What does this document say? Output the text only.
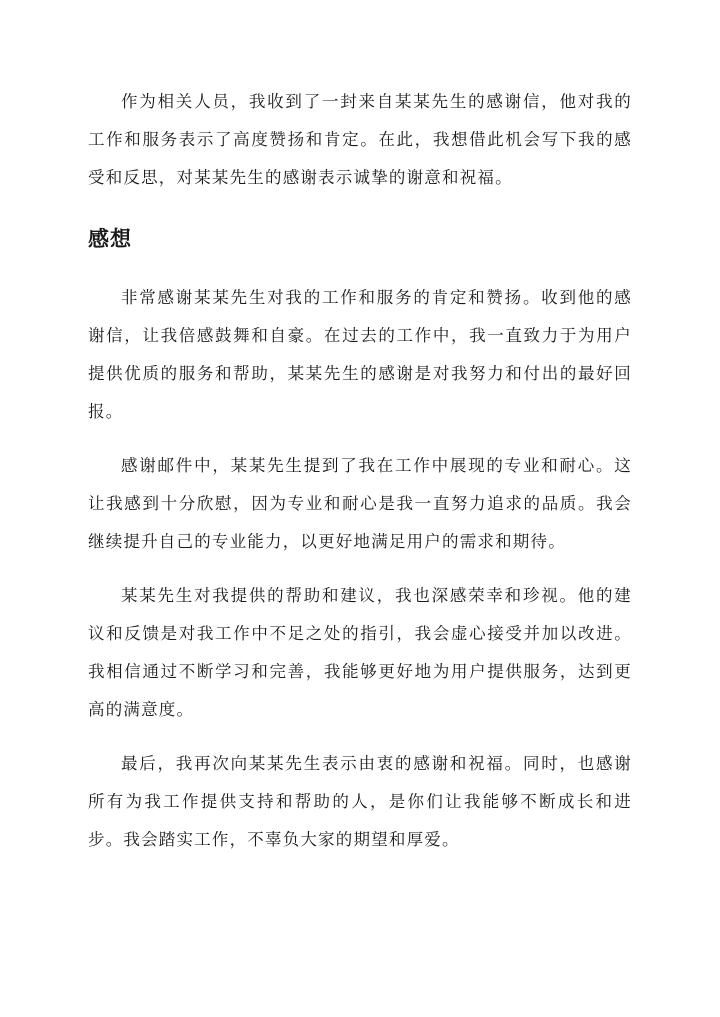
作为相关人员，我收到了一封来自某某先生的感谢信，他对我的工作和服务表示了高度赞扬和肯定。在此，我想借此机会写下我的感受和反思，对某某先生的感谢表示诚挚的谢意和祝福。

感想

非常感谢某某先生对我的工作和服务的肯定和赞扬。收到他的感谢信，让我倍感鼓舞和自豪。在过去的工作中，我一直致力于为用户提供优质的服务和帮助，某某先生的感谢是对我努力和付出的最好回报。

感谢邮件中，某某先生提到了我在工作中展现的专业和耐心。这让我感到十分欣慰，因为专业和耐心是我一直努力追求的品质。我会继续提升自己的专业能力，以更好地满足用户的需求和期待。

某某先生对我提供的帮助和建议，我也深感荣幸和珍视。他的建议和反馈是对我工作中不足之处的指引，我会虚心接受并加以改进。我相信通过不断学习和完善，我能够更好地为用户提供服务，达到更高的满意度。

最后，我再次向某某先生表示由衷的感谢和祝福。同时，也感谢所有为我工作提供支持和帮助的人，是你们让我能够不断成长和进步。我会踏实工作，不辜负大家的期望和厚爱。
